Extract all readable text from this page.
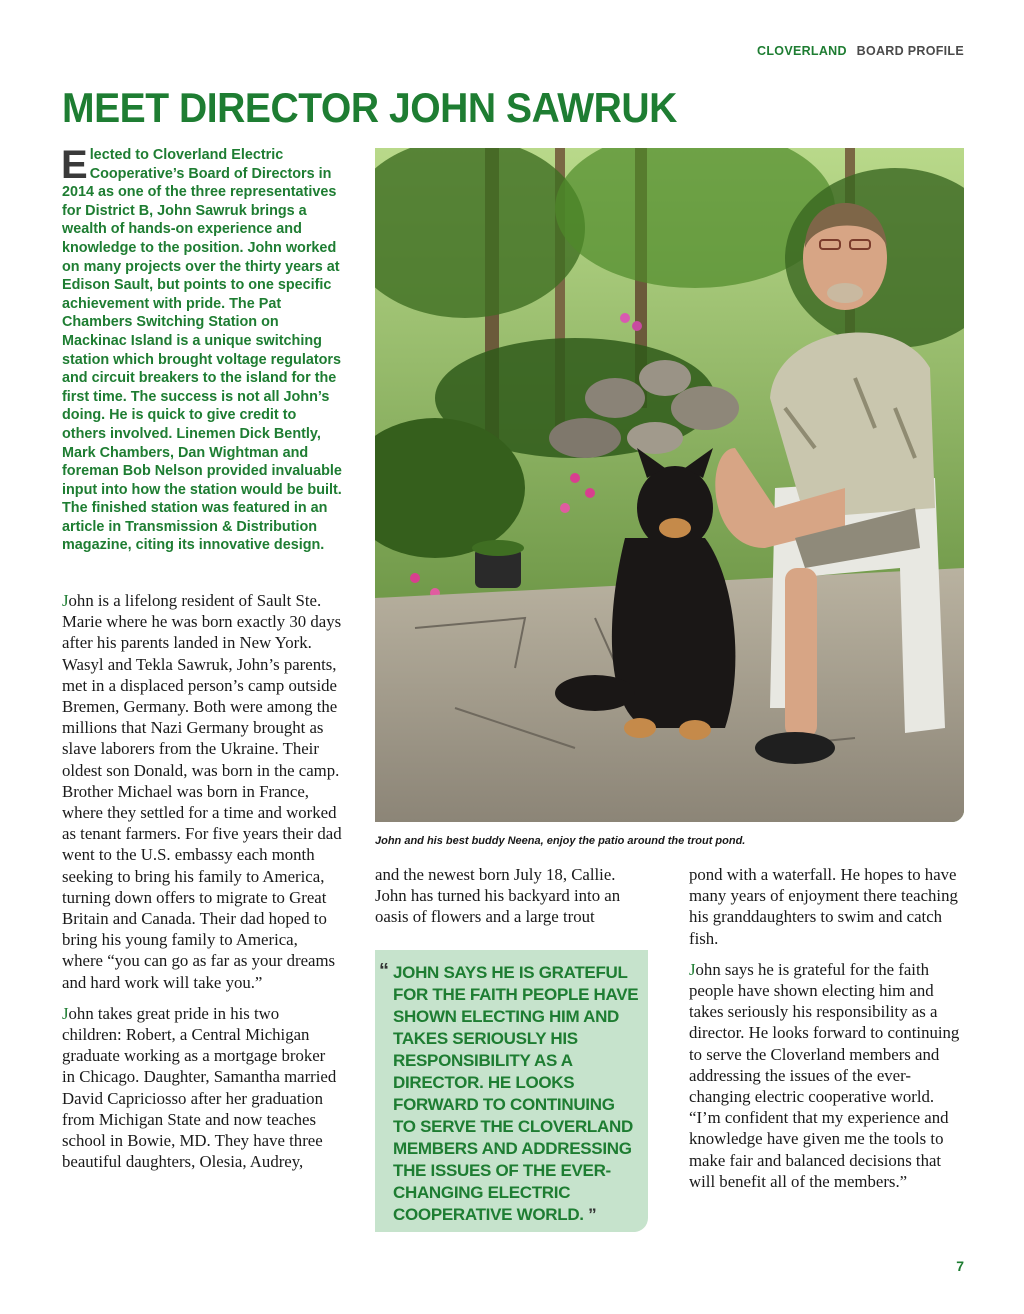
CLOVERLAND BOARD PROFILE
MEET DIRECTOR JOHN SAWRUK
Elected to Cloverland Electric Cooperative’s Board of Directors in 2014 as one of the three representatives for District B, John Sawruk brings a wealth of hands-on experience and knowledge to the position. John worked on many projects over the thirty years at Edison Sault, but points to one specific achievement with pride. The Pat Chambers Switching Station on Mackinac Island is a unique switching station which brought voltage regulators and circuit breakers to the island for the first time. The success is not all John’s doing. He is quick to give credit to others involved. Linemen Dick Bently, Mark Chambers, Dan Wightman and foreman Bob Nelson provided invaluable input into how the station would be built. The finished station was featured in an article in Transmission & Distribution magazine, citing its innovative design.

John is a lifelong resident of Sault Ste. Marie where he was born exactly 30 days after his parents landed in New York. Wasyl and Tekla Sawruk, John’s parents, met in a displaced person’s camp outside Bremen, Germany. Both were among the millions that Nazi Germany brought as slave laborers from the Ukraine. Their oldest son Donald, was born in the camp. Brother Michael was born in France, where they settled for a time and worked as tenant farmers. For five years their dad went to the U.S. embassy each month seeking to bring his family to America, turning down offers to migrate to Great Britain and Canada. Their dad hoped to bring his young family to America, where “you can go as far as your dreams and hard work will take you.”

John takes great pride in his two children: Robert, a Central Michigan graduate working as a mortgage broker in Chicago. Daughter, Samantha married David Capriciosso after her graduation from Michigan State and now teaches school in Bowie, MD. They have three beautiful daughters, Olesia, Audrey,

John and his best buddy Neena, enjoy the patio around the trout pond.

and the newest born July 18, Callie. John has turned his backyard into an oasis of flowers and a large trout

“ JOHN SAYS HE IS GRATEFUL FOR THE FAITH PEOPLE HAVE SHOWN ELECTING HIM AND TAKES SERIOUSLY HIS RESPONSIBILITY AS A DIRECTOR. HE LOOKS FORWARD TO CONTINUING TO SERVE THE CLOVERLAND MEMBERS AND ADDRESSING THE ISSUES OF THE EVER-CHANGING ELECTRIC COOPERATIVE WORLD. ”

pond with a waterfall. He hopes to have many years of enjoyment there teaching his granddaughters to swim and catch fish.

John says he is grateful for the faith people have shown electing him and takes seriously his responsibility as a director. He looks forward to continuing to serve the Cloverland members and addressing the issues of the ever-changing electric cooperative world. “I’m confident that my experience and knowledge have given me the tools to make fair and balanced decisions that will benefit all of the members.”

7
